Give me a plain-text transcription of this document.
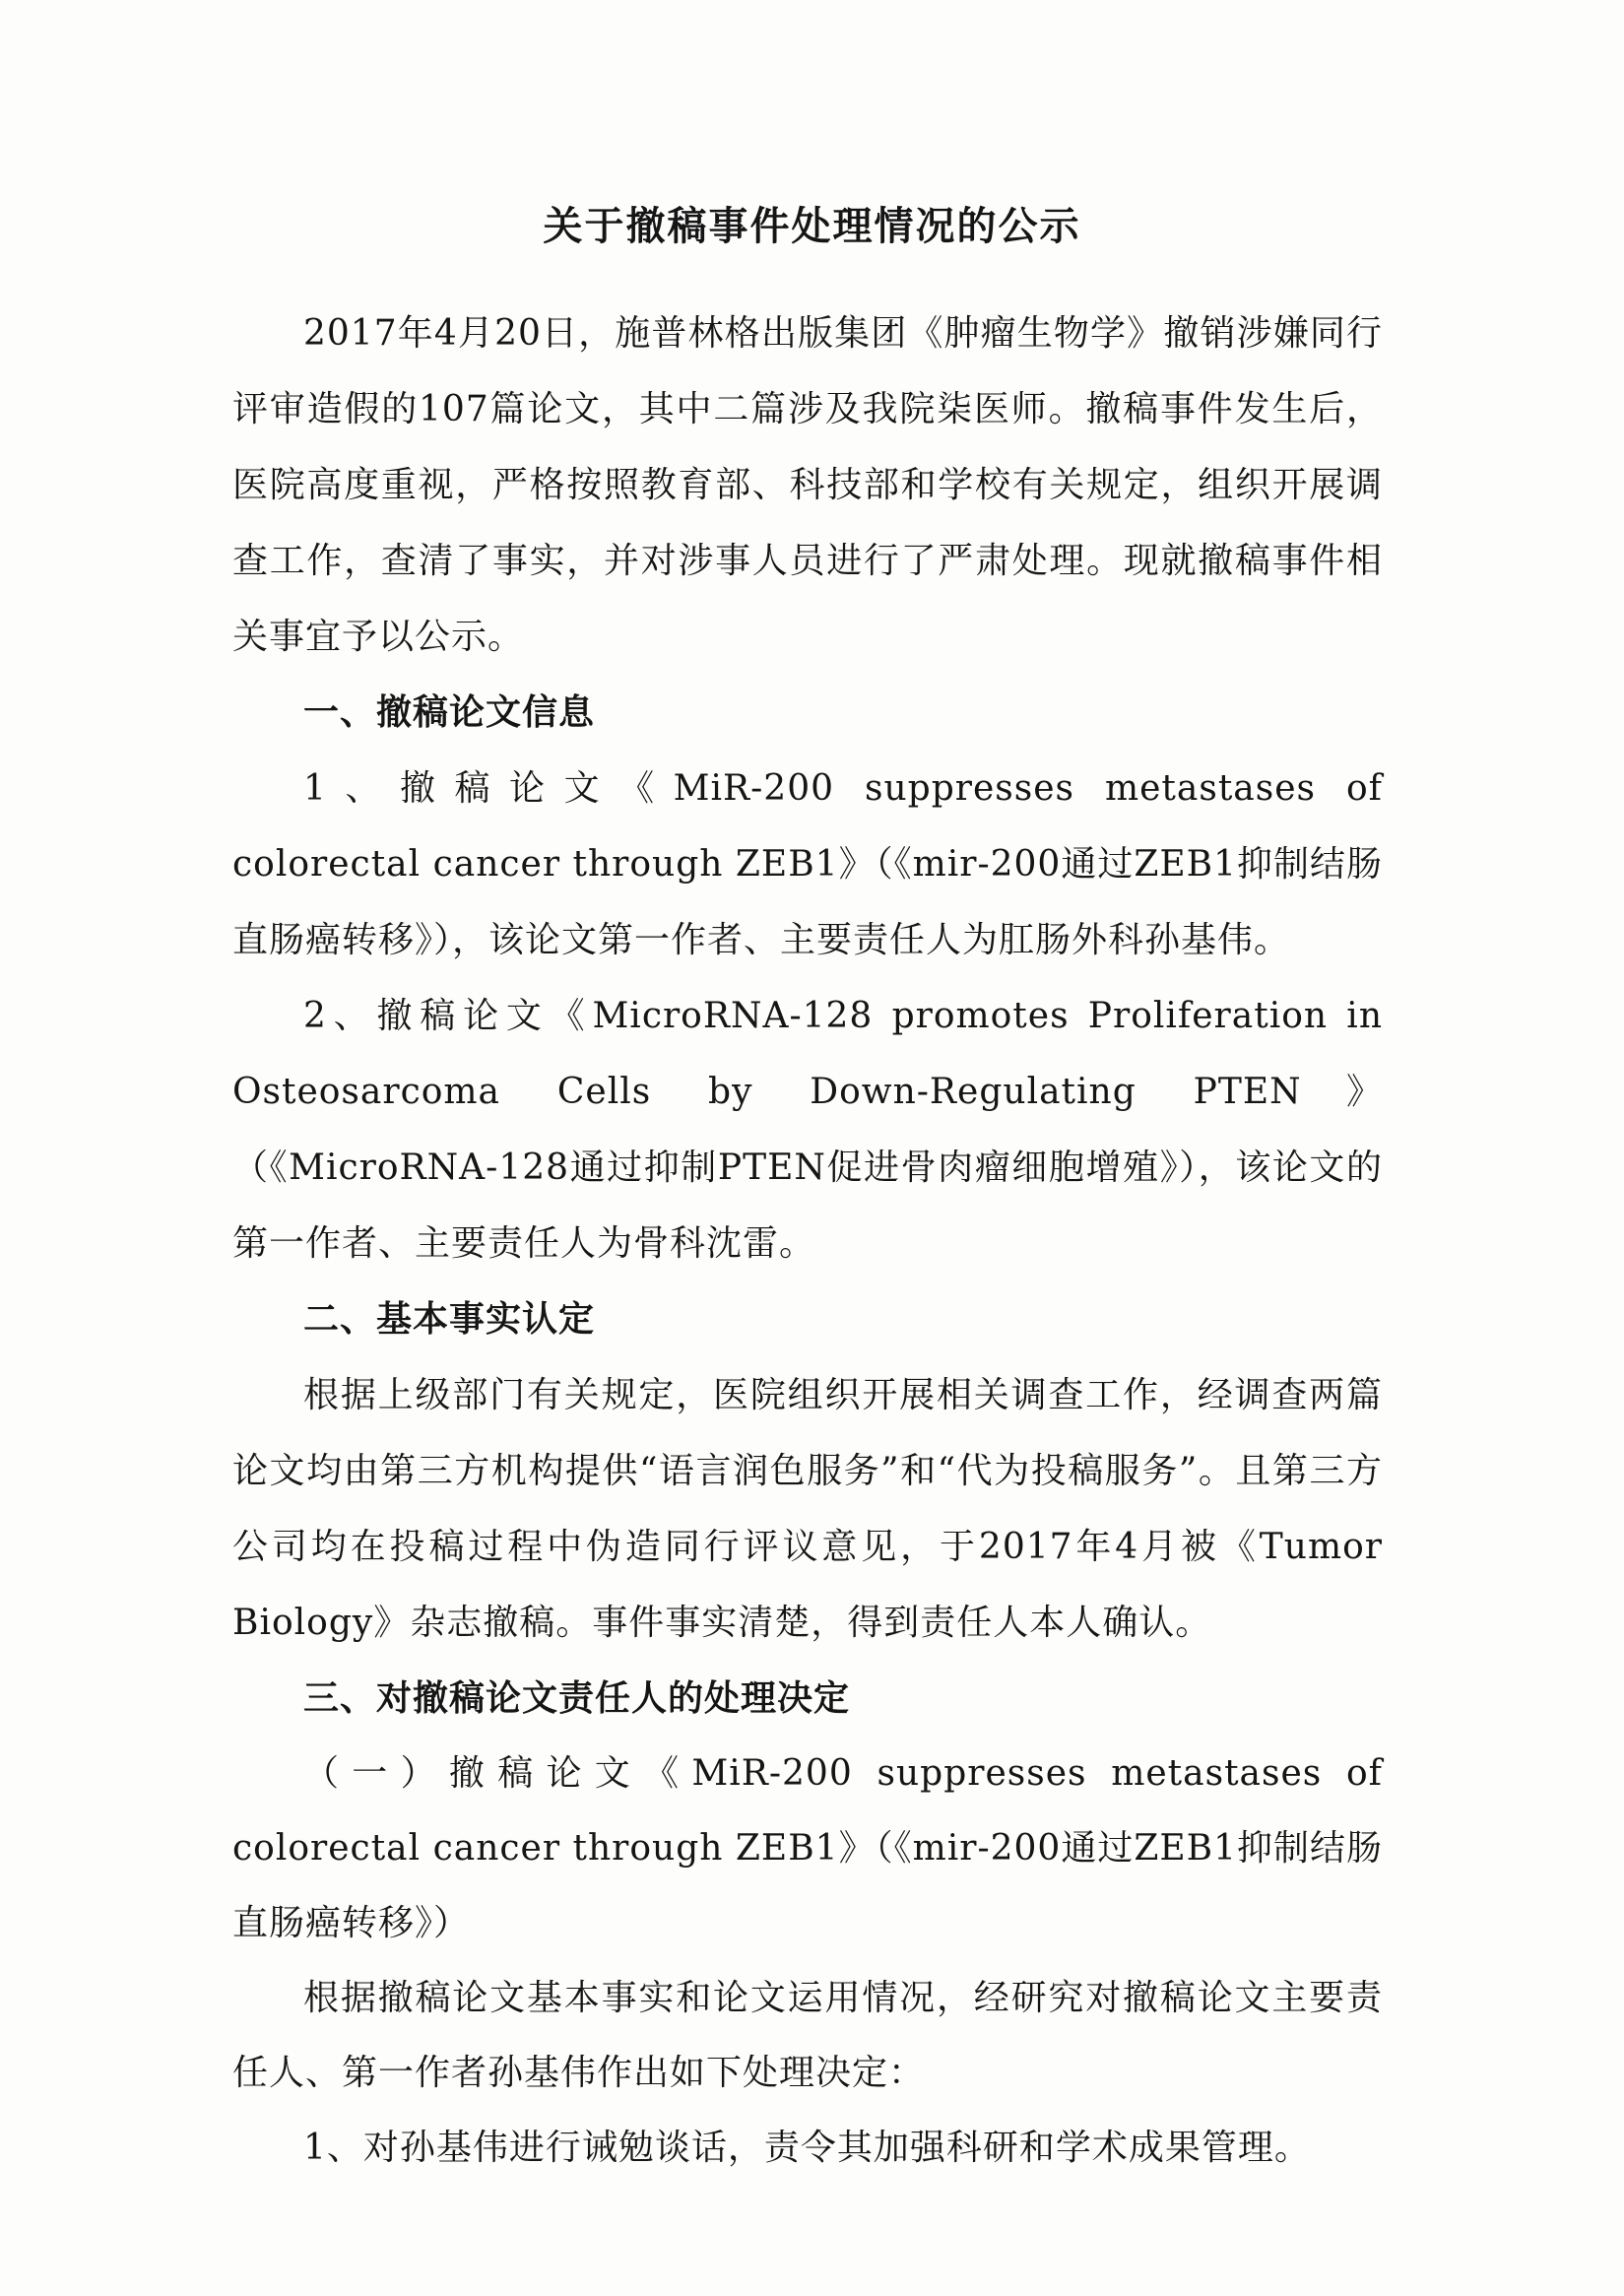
关于撤稿事件处理情况的公示

2017年4月20日，施普林格出版集团《肿瘤生物学》撤销涉嫌同行评审造假的107篇论文，其中二篇涉及我院柒医师。撤稿事件发生后，医院高度重视，严格按照教育部、科技部和学校有关规定，组织开展调查工作，查清了事实，并对涉事人员进行了严肃处理。现就撤稿事件相关事宜予以公示。

一、撤稿论文信息

1、撤稿论文《MiR-200 suppresses metastases of colorectal cancer through ZEB1》（《mir-200通过ZEB1抑制结肠直肠癌转移》），该论文第一作者、主要责任人为肛肠外科孙基伟。

2、撤稿论文《MicroRNA-128 promotes Proliferation in Osteosarcoma Cells by Down-Regulating PTEN》（《MicroRNA-128通过抑制PTEN促进骨肉瘤细胞增殖》），该论文的第一作者、主要责任人为骨科沈雷。

二、基本事实认定

根据上级部门有关规定，医院组织开展相关调查工作，经调查两篇论文均由第三方机构提供“语言润色服务”和“代为投稿服务”。且第三方公司均在投稿过程中伪造同行评议意见，于2017年4月被《Tumor Biology》杂志撤稿。事件事实清楚，得到责任人本人确认。

三、对撤稿论文责任人的处理决定

（一）撤稿论文《MiR-200 suppresses metastases of colorectal cancer through ZEB1》（《mir-200通过ZEB1抑制结肠直肠癌转移》）

根据撤稿论文基本事实和论文运用情况，经研究对撤稿论文主要责任人、第一作者孙基伟作出如下处理决定：

1、对孙基伟进行诫勉谈话，责令其加强科研和学术成果管理。
